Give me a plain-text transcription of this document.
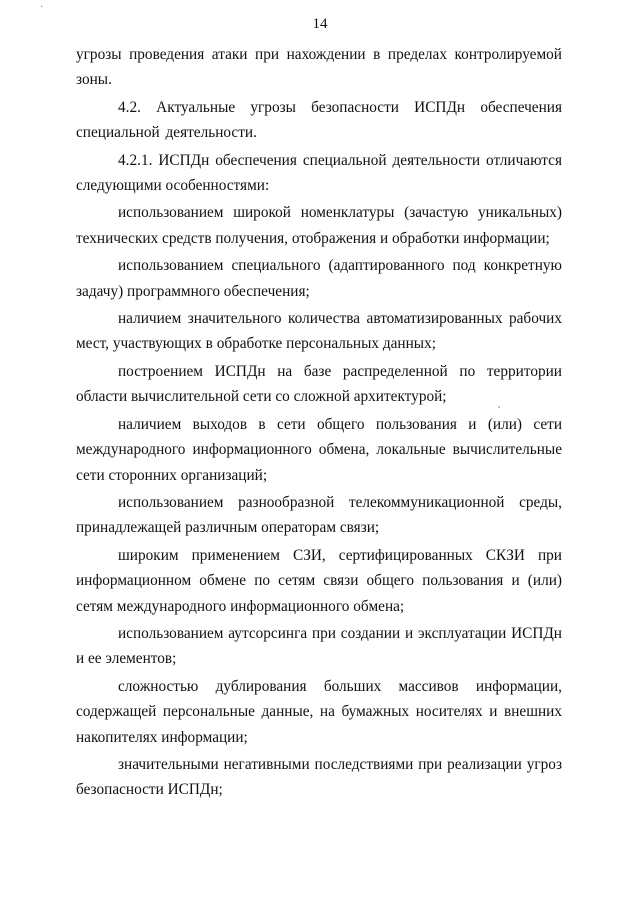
·
14

угрозы проведения атаки при нахождении в пределах контролируемой зоны.

4.2. Актуальные угрозы безопасности ИСПДн обеспечения специальной деятельности.

4.2.1. ИСПДн обеспечения специальной деятельности отличаются следующими особенностями:

использованием широкой номенклатуры (зачастую уникальных) технических средств получения, отображения и обработки информации;

использованием специального (адаптированного под конкретную задачу) программного обеспечения;

наличием значительного количества автоматизированных рабочих мест, участвующих в обработке персональных данных;

построением ИСПДн на базе распределенной по территории области вычислительной сети со сложной архитектурой;

наличием выходов в сети общего пользования и (или) сети международного информационного обмена, локальные вычислительные сети сторонних организаций;

использованием разнообразной телекоммуникационной среды, принадлежащей различным операторам связи;

широким применением СЗИ, сертифицированных СКЗИ при информационном обмене по сетям связи общего пользования и (или) сетям международного информационного обмена;

использованием аутсорсинга при создании и эксплуатации ИСПДн и ее элементов;

сложностью дублирования больших массивов информации, содержащей персональные данные, на бумажных носителях и внешних накопителях информации;

значительными негативными последствиями при реализации угроз безопасности ИСПДн;
